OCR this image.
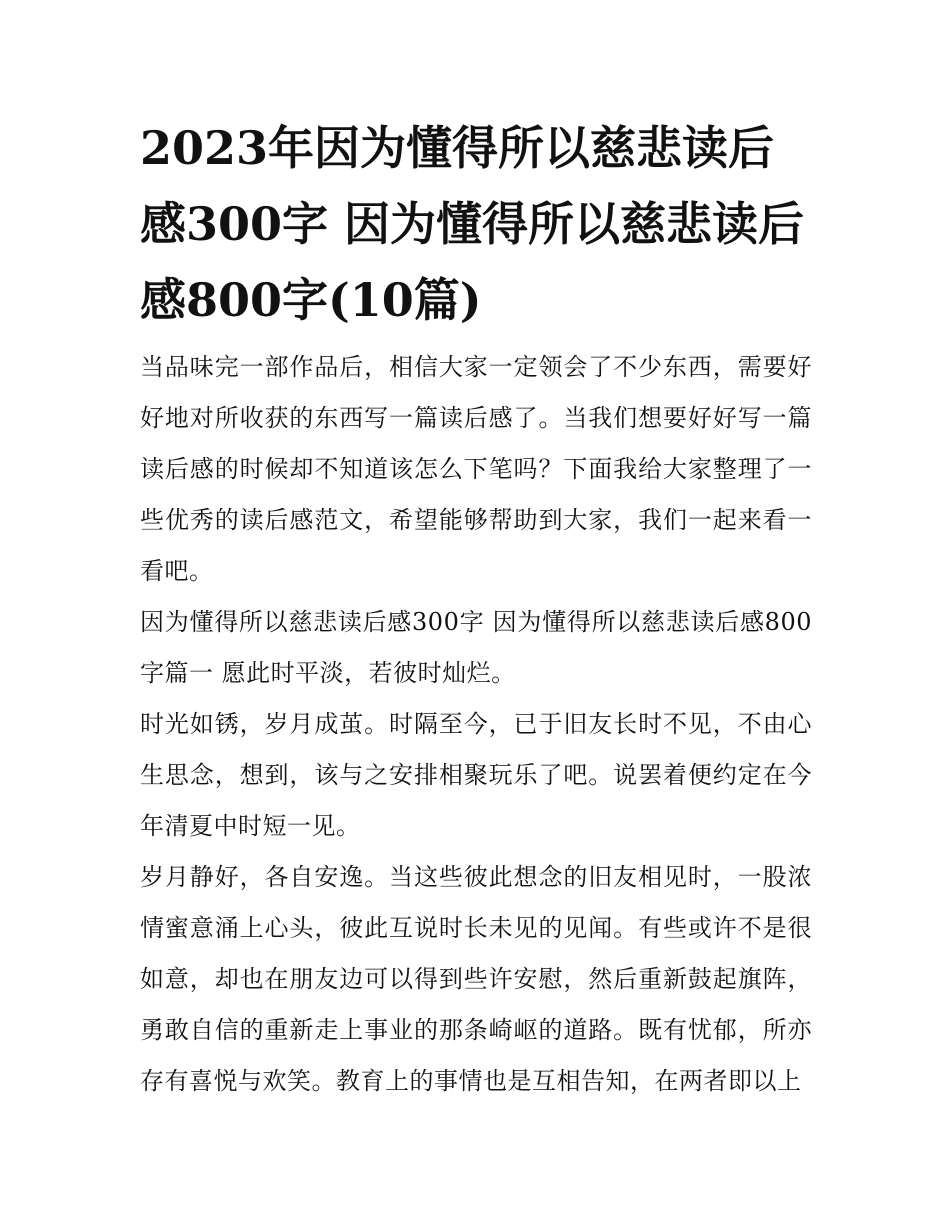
2023年因为懂得所以慈悲读后感300字 因为懂得所以慈悲读后感800字(10篇)

当品味完一部作品后，相信大家一定领会了不少东西，需要好好地对所收获的东西写一篇读后感了。当我们想要好好写一篇读后感的时候却不知道该怎么下笔吗？下面我给大家整理了一些优秀的读后感范文，希望能够帮助到大家，我们一起来看一看吧。

因为懂得所以慈悲读后感300字 因为懂得所以慈悲读后感800字篇一 愿此时平淡，若彼时灿烂。

时光如锈，岁月成茧。时隔至今，已于旧友长时不见，不由心生思念，想到，该与之安排相聚玩乐了吧。说罢着便约定在今年清夏中时短一见。

岁月静好，各自安逸。当这些彼此想念的旧友相见时，一股浓情蜜意涌上心头，彼此互说时长未见的见闻。有些或许不是很如意，却也在朋友边可以得到些许安慰，然后重新鼓起旗阵，勇敢自信的重新走上事业的那条崎岖的道路。既有忧郁，所亦存有喜悦与欢笑。教育上的事情也是互相告知，在两者即以上
